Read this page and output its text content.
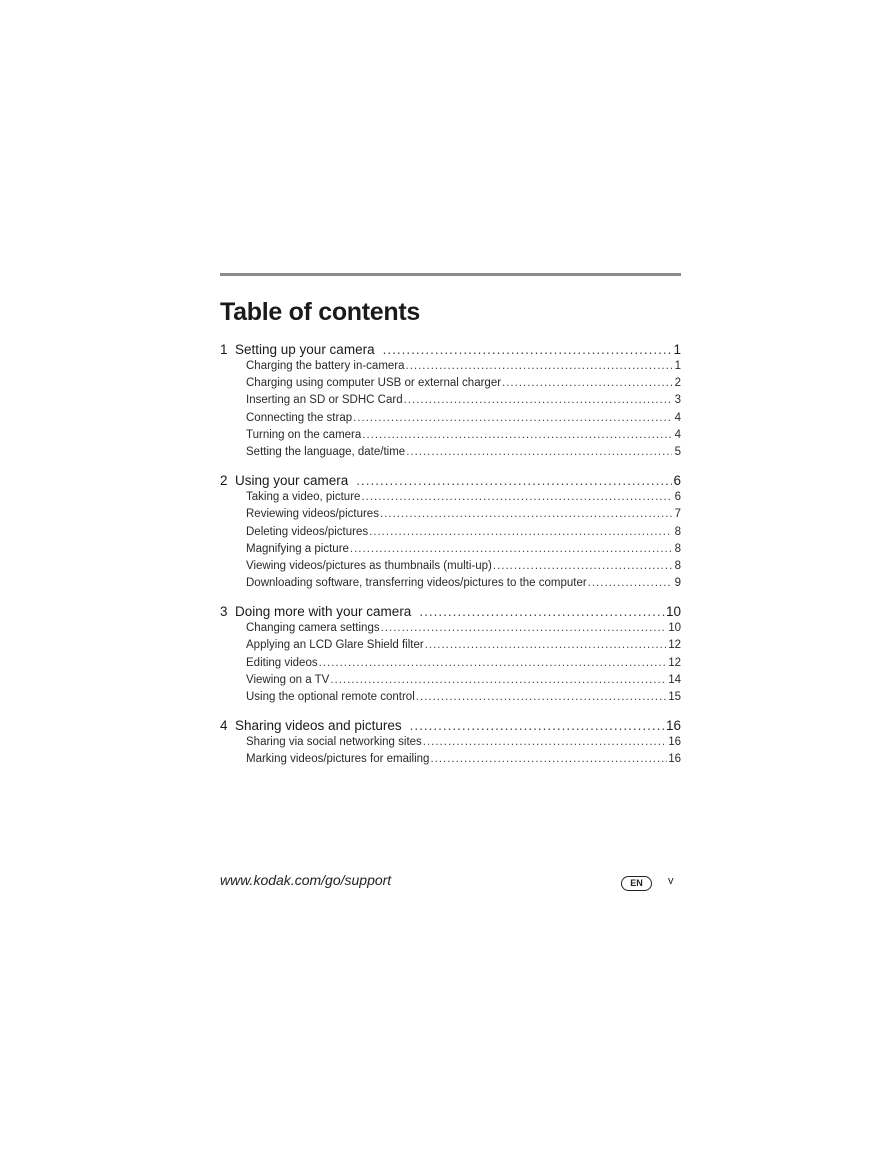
Table of contents
1 Setting up your camera .....	1
Charging the battery in-camera .....	1
Charging using computer USB or external charger .....	2
Inserting an SD or SDHC Card .....	3
Connecting the strap .....	4
Turning on the camera .....	4
Setting the language, date/time .....	5
2 Using your camera .....	6
Taking a video, picture .....	6
Reviewing videos/pictures .....	7
Deleting videos/pictures .....	8
Magnifying a picture .....	8
Viewing videos/pictures as thumbnails (multi-up) .....	8
Downloading software, transferring videos/pictures to the computer .....	9
3 Doing more with your camera .....	10
Changing camera settings .....	10
Applying an LCD Glare Shield filter .....	12
Editing videos .....	12
Viewing on a TV .....	14
Using the optional remote control .....	15
4 Sharing videos and pictures .....	16
Sharing via social networking sites .....	16
Marking videos/pictures for emailing .....	16
www.kodak.com/go/support	EN	v
